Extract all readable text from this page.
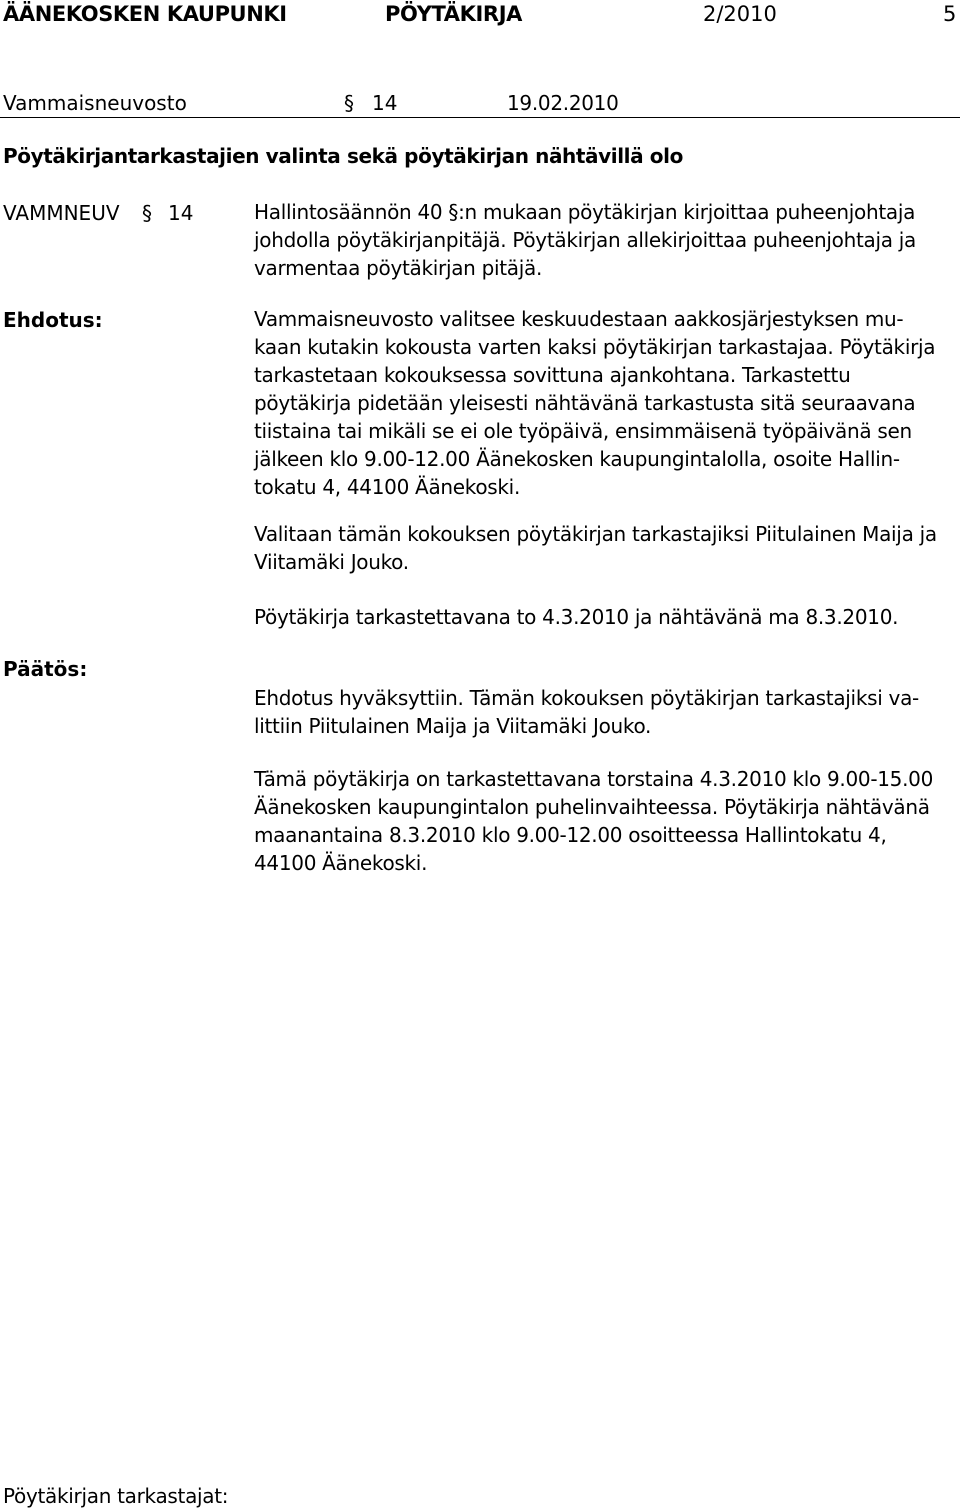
ÄÄNEKOSKEN KAUPUNKI	PÖYTÄKIRJA	2/2010	5
Vammaisneuvosto	§ 14	19.02.2010
Pöytäkirjantarkastajien valinta sekä pöytäkirjan nähtävillä olo
VAMMNEUV § 14	Hallintosäännön 40 §:n mukaan pöytäkirjan kirjoittaa puheenjohtaja
johdolla pöytäkirjanpitäjä. Pöytäkirjan allekirjoittaa puheenjohtaja ja
varmentaa pöytäkirjan pitäjä.
Ehdotus:	Vammaisneuvosto valitsee keskuudestaan aakkosjärjestyksen mu-
kaan kutakin kokousta varten kaksi pöytäkirjan tarkastajaa. Pöytäkirja
tarkastetaan kokouksessa sovittuna ajankohtana. Tarkastettu
pöytäkirja pidetään yleisesti nähtävänä tarkastusta sitä seuraavana
tiistaina tai mikäli se ei ole työpäivä, ensimmäisenä työpäivänä sen
jälkeen klo 9.00-12.00 Äänekosken kaupungintalolla, osoite Hallin-
tokatu 4, 44100 Äänekoski.
Valitaan tämän kokouksen pöytäkirjan tarkastajiksi Piitulainen Maija ja
Viitamäki Jouko.
Pöytäkirja tarkastettavana to 4.3.2010 ja nähtävänä ma 8.3.2010.
Päätös:
Ehdotus hyväksyttiin. Tämän kokouksen pöytäkirjan tarkastajiksi va-
littiin Piitulainen Maija ja Viitamäki Jouko.
Tämä pöytäkirja on tarkastettavana torstaina 4.3.2010 klo 9.00-15.00
Äänekosken kaupungintalon puhelinvaihteessa. Pöytäkirja nähtävänä
maanantaina 8.3.2010 klo 9.00-12.00 osoitteessa Hallintokatu 4,
44100 Äänekoski.
Pöytäkirjan tarkastajat:
